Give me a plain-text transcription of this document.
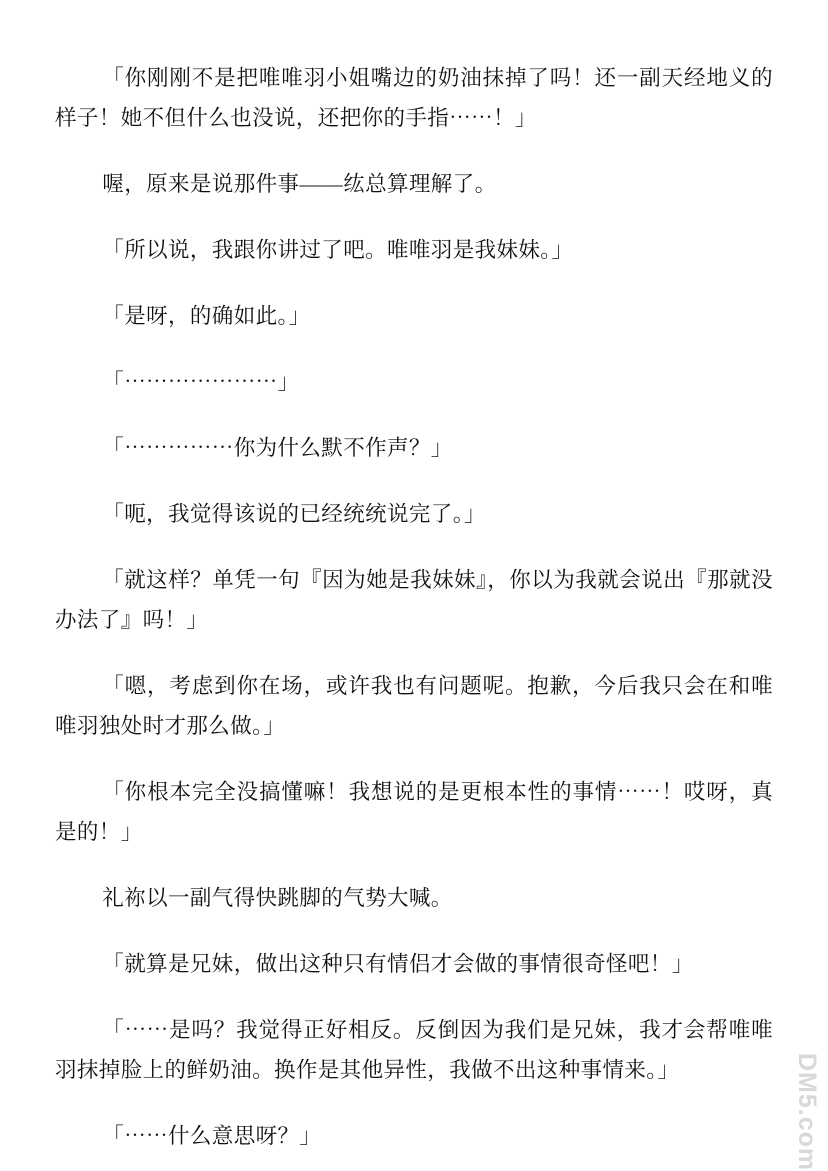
「你刚刚不是把唯唯羽小姐嘴边的奶油抹掉了吗！还一副天经地义的样子！她不但什么也没说，还把你的手指⋯⋯！」

喔，原来是说那件事——纮总算理解了。

「所以说，我跟你讲过了吧。唯唯羽是我妹妹。」

「是呀，的确如此。」

「⋯⋯⋯⋯⋯⋯⋯」

「⋯⋯⋯⋯⋯你为什么默不作声？」

「呃，我觉得该说的已经统统说完了。」

「就这样？单凭一句『因为她是我妹妹』，你以为我就会说出『那就没办法了』吗！」

「嗯，考虑到你在场，或许我也有问题呢。抱歉，今后我只会在和唯唯羽独处时才那么做。」

「你根本完全没搞懂嘛！我想说的是更根本性的事情⋯⋯！哎呀，真是的！」

礼祢以一副气得快跳脚的气势大喊。

「就算是兄妹，做出这种只有情侣才会做的事情很奇怪吧！」

「⋯⋯是吗？我觉得正好相反。反倒因为我们是兄妹，我才会帮唯唯羽抹掉脸上的鲜奶油。换作是其他异性，我做不出这种事情来。」

「⋯⋯什么意思呀？」	DM5.com
